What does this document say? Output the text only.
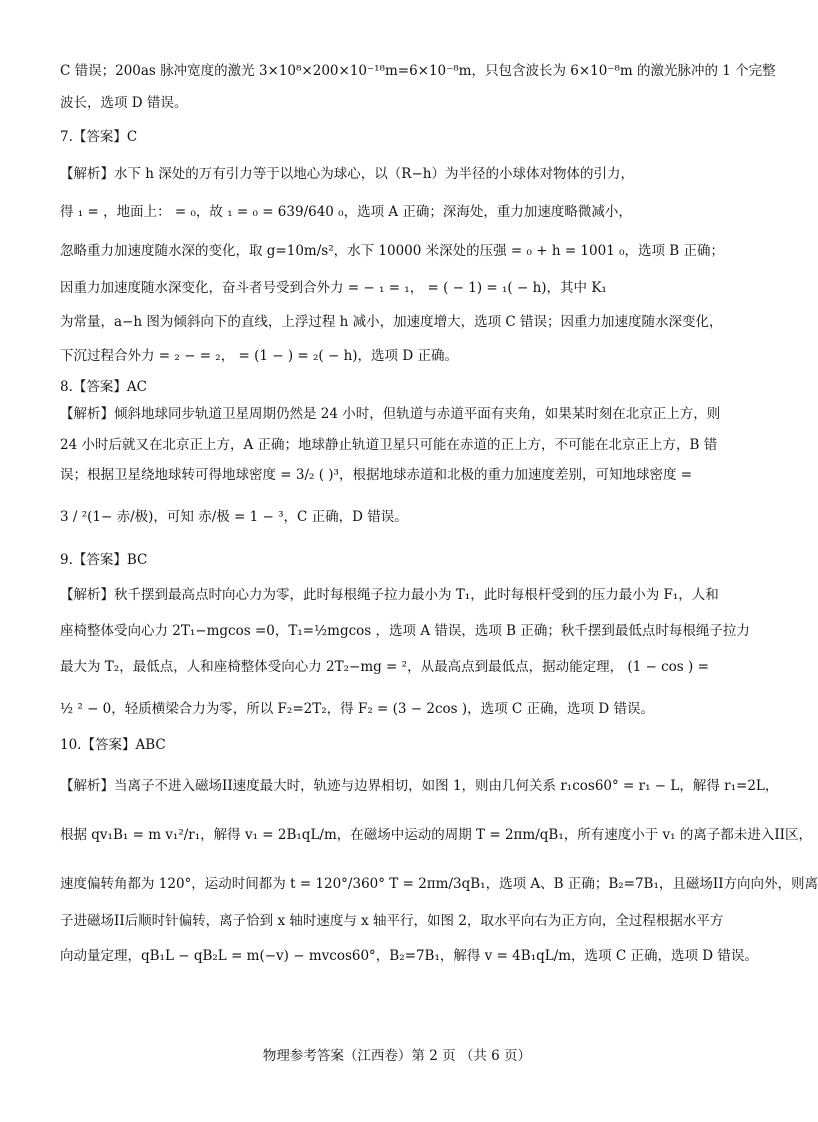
C 错误；200as 脉冲宽度的激光 3×10⁸×200×10⁻¹⁸m=6×10⁻⁸m，只包含波长为 6×10⁻⁸m 的激光脉冲的 1 个完整
波长，选项 D 错误。
7.【答案】C
【解析】水下 h 深处的万有引力等于以地心为球心，以（R−h）为半径的小球体对物体的引力，
得 ₁ = ，地面上： = ₀，故 ₁ = ₀ = 639/640 ₀，选项 A 正确；深海处，重力加速度略微减小，
忽略重力加速度随水深的变化，取 g=10m/s²，水下 10000 米深处的压强 = ₀ + h = 1001 ₀，选项 B 正确；
因重力加速度随水深变化，奋斗者号受到合外力 = − ₁ = ₁， = ( − 1) = ₁( − h)，其中 K₁
为常量，a−h 图为倾斜向下的直线，上浮过程 h 减小，加速度增大，选项 C 错误；因重力加速度随水深变化，
下沉过程合外力 = ₂ − = ₂， = (1 − ) = ₂( − h)，选项 D 正确。
8.【答案】AC
【解析】倾斜地球同步轨道卫星周期仍然是 24 小时，但轨道与赤道平面有夹角，如果某时刻在北京正上方，则
24 小时后就又在北京正上方，A 正确；地球静止轨道卫星只可能在赤道的正上方，不可能在北京正上方，B 错
误；根据卫星绕地球转可得地球密度 = 3/₂ ( )³，根据地球赤道和北极的重力加速度差别，可知地球密度 =
3 / ²(1− 赤/极)，可知 赤/极 = 1 − ³，C 正确，D 错误。
9.【答案】BC
【解析】秋千摆到最高点时向心力为零，此时每根绳子拉力最小为 T₁，此时每根杆受到的压力最小为 F₁，人和
座椅整体受向心力 2T₁−mgcos =0，T₁=½mgcos ，选项 A 错误，选项 B 正确；秋千摆到最低点时每根绳子拉力
最大为 T₂，最低点，人和座椅整体受向心力 2T₂−mg = ²，从最高点到最低点，据动能定理， (1 − cos ) =
½ ² − 0，轻质横梁合力为零，所以 F₂=2T₂，得 F₂ = (3 − 2cos )，选项 C 正确，选项 D 错误。
10.【答案】ABC
【解析】当离子不进入磁场II速度最大时，轨迹与边界相切，如图 1，则由几何关系 r₁cos60° = r₁ − L，解得 r₁=2L，
根据 qv₁B₁ = m v₁²/r₁，解得 v₁ = 2B₁qL/m，在磁场中运动的周期 T = 2πm/qB₁，所有速度小于 v₁ 的离子都未进入II区，
速度偏转角都为 120°，运动时间都为 t = 120°/360° T = 2πm/3qB₁，选项 A、B 正确；B₂=7B₁，且磁场II方向向外，则离
子进磁场II后顺时针偏转，离子恰到 x 轴时速度与 x 轴平行，如图 2，取水平向右为正方向，全过程根据水平方
向动量定理，qB₁L − qB₂L = m(−v) − mvcos60°，B₂=7B₁，解得 v = 4B₁qL/m，选项 C 正确，选项 D 错误。
物理参考答案（江西卷）第 2 页 （共 6 页）
